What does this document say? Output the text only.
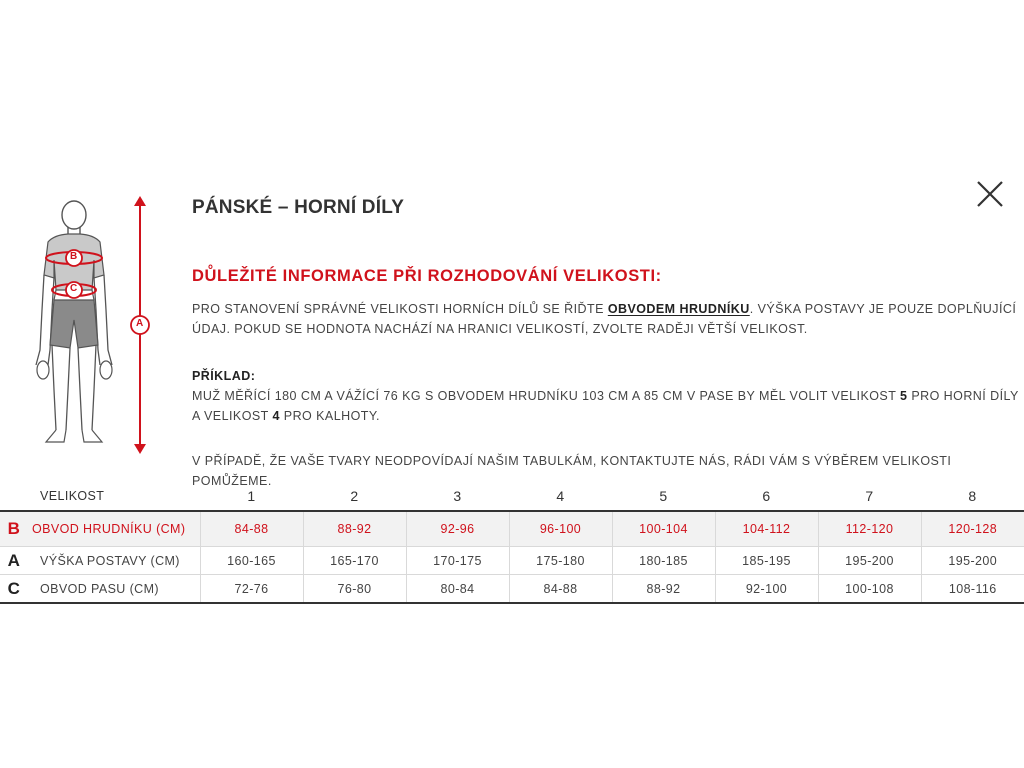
B
C
A
PÁNSKÉ – HORNÍ DÍLY
DŮLEŽITÉ INFORMACE PŘI ROZHODOVÁNÍ VELIKOSTI:
PRO STANOVENÍ SPRÁVNÉ VELIKOSTI HORNÍCH DÍLŮ SE ŘIĎTE OBVODEM HRUDNÍKU. VÝŠKA POSTAVY JE POUZE DOPLŇUJÍCÍ ÚDAJ. POKUD SE HODNOTA NACHÁZÍ NA HRANICI VELIKOSTÍ, ZVOLTE RADĚJI VĚTŠÍ VELIKOST.
PŘÍKLAD:
MUŽ MĚŘÍCÍ 180 CM A VÁŽÍCÍ 76 KG S OBVODEM HRUDNÍKU 103 CM A 85 CM V PASE BY MĚL VOLIT VELIKOST 5 PRO HORNÍ DÍLY A VELIKOST 4 PRO KALHOTY.
V PŘÍPADĚ, ŽE VAŠE TVARY NEODPOVÍDAJÍ NAŠIM TABULKÁM, KONTAKTUJTE NÁS, RÁDI VÁM S VÝBĚREM VELIKOSTI POMŮŽEME.
	VELIKOST	1	2	3	4	5	6	7	8
B	OBVOD HRUDNÍKU (CM)	84-88	88-92	92-96	96-100	100-104	104-112	112-120	120-128
A	VÝŠKA POSTAVY (CM)	160-165	165-170	170-175	175-180	180-185	185-195	195-200	195-200
C	OBVOD PASU (CM)	72-76	76-80	80-84	84-88	88-92	92-100	100-108	108-116
